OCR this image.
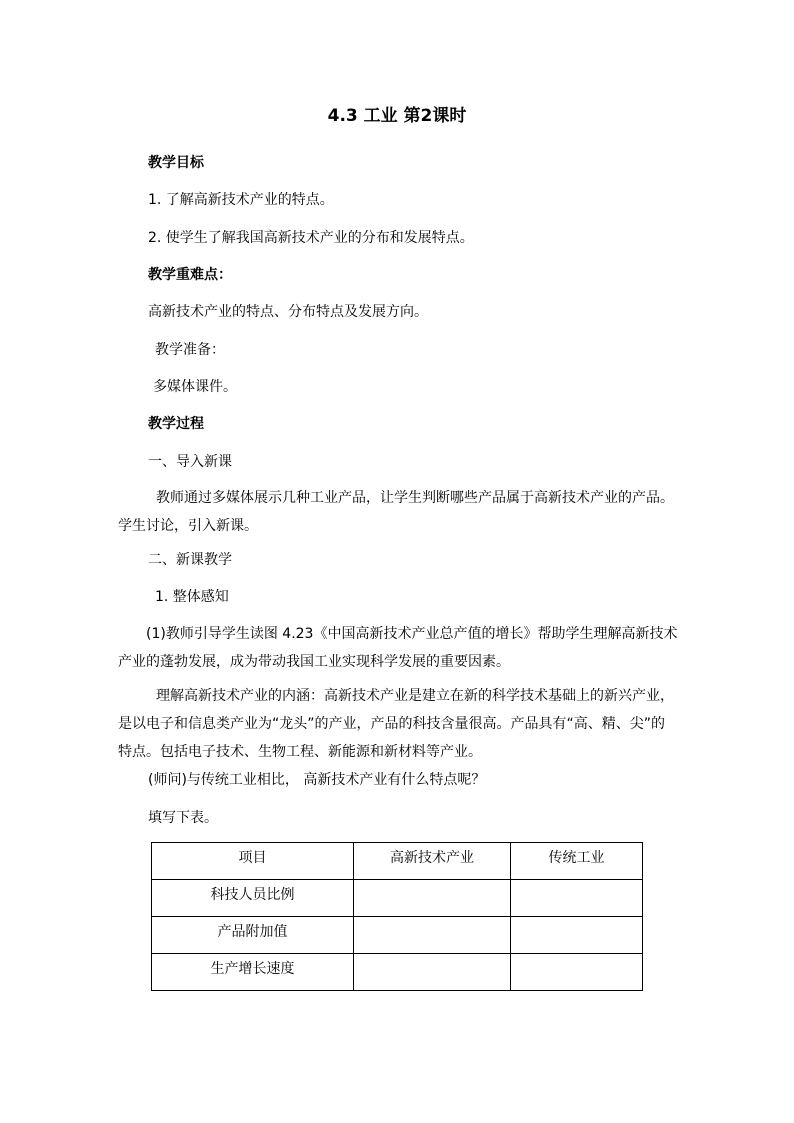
4.3 工业 第2课时
教学目标
1. 了解高新技术产业的特点。
2. 使学生了解我国高新技术产业的分布和发展特点。
教学重难点：
高新技术产业的特点、分布特点及发展方向。
教学准备：
多媒体课件。
教学过程
一、导入新课
教师通过多媒体展示几种工业产品，让学生判断哪些产品属于高新技术产业的产品。学生讨论，引入新课。
二、新课教学
1. 整体感知
(1)教师引导学生读图 4.23《中国高新技术产业总产值的增长》帮助学生理解高新技术产业的蓬勃发展，成为带动我国工业实现科学发展的重要因素。
理解高新技术产业的内涵：高新技术产业是建立在新的科学技术基础上的新兴产业，是以电子和信息类产业为“龙头”的产业，产品的科技含量很高。产品具有“高、精、尖”的特点。包括电子技术、生物工程、新能源和新材料等产业。
(师问)与传统工业相比， 高新技术产业有什么特点呢？
填写下表。
项目	高新技术产业	传统工业
科技人员比例		
产品附加值		
生产增长速度		
